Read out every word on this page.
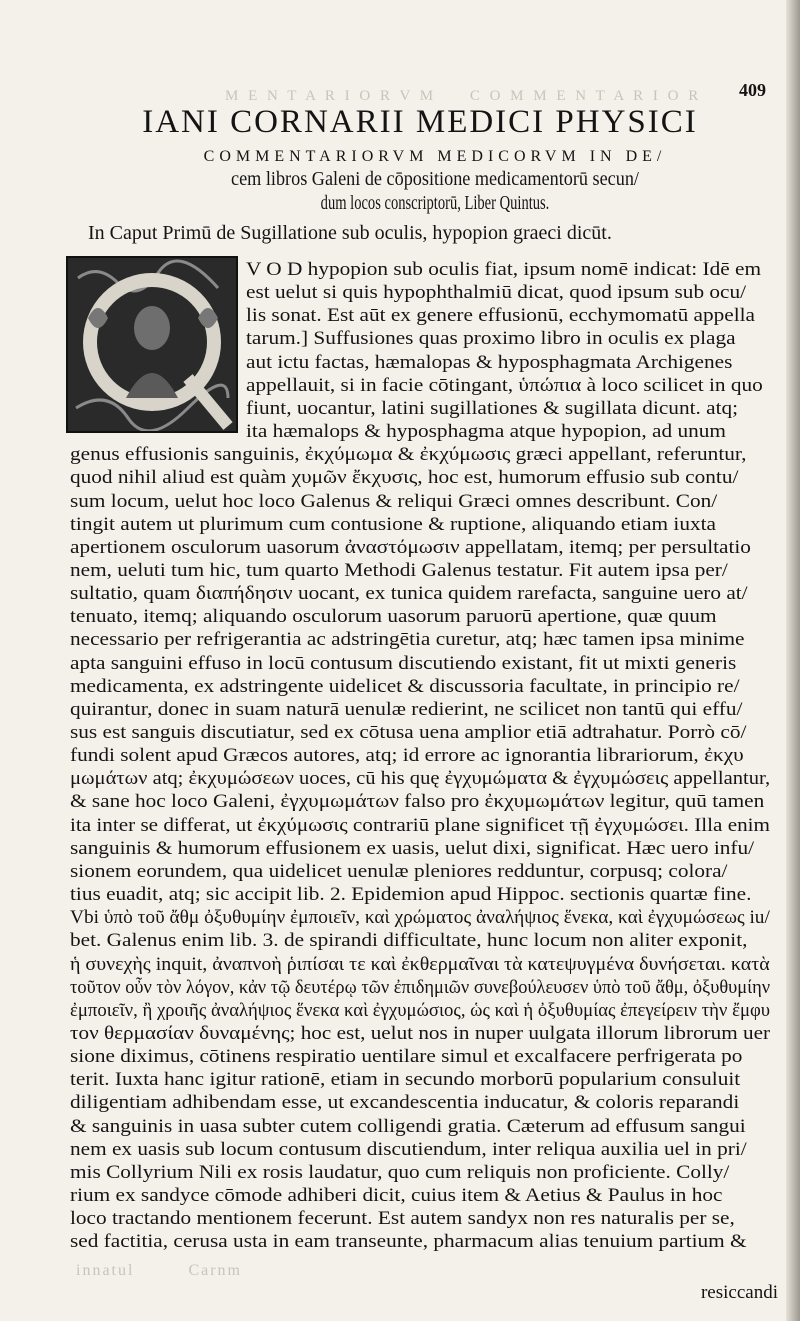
M E N T A R I O R V M     C O M M E N T A R I O R 409
IANI CORNARII MEDICI PHYSICI
COMMENTARIORVM MEDICORVM IN DE/
cem libros Galeni de cōpositione medicamentorū secun/
dum locos conscriptorū, Liber Quintus.
In Caput Primū de Sugillatione sub oculis, hypopion graeci dicūt.
V O D hypopion sub oculis fiat, ipsum nomē indicat: Idē em
est uelut si quis hypophthalmiū dicat, quod ipsum sub ocu/
lis sonat. Est aūt ex genere effusionū, ecchymomatū appella
tarum.] Suffusiones quas proximo libro in oculis ex plaga
aut ictu factas, hæmalopas & hyposphagmata Archigenes
appellauit, si in facie cōtingant, ὑπώπια à loco scilicet in quo
fiunt, uocantur, latini sugillationes & sugillata dicunt. atq;
ita hæmalops & hyposphagma atque hypopion, ad unum
genus effusionis sanguinis, ἐκχύμωμα & ἐκχύμωσις græci appellant, referuntur,
quod nihil aliud est quàm χυμῶν ἔκχυσις, hoc est, humorum effusio sub contu/
sum locum, uelut hoc loco Galenus & reliqui Græci omnes describunt. Con/
tingit autem ut plurimum cum contusione & ruptione, aliquando etiam iuxta
apertionem osculorum uasorum ἀναστόμωσιν appellatam, itemq; per persultatio
nem, ueluti tum hic, tum quarto Methodi Galenus testatur. Fit autem ipsa per/
sultatio, quam διαπήδησιν uocant, ex tunica quidem rarefacta, sanguine uero at/
tenuato, itemq; aliquando osculorum uasorum paruorū apertione, quæ quum
necessario per refrigerantia ac adstringētia curetur, atq; hæc tamen ipsa minime
apta sanguini effuso in locū contusum discutiendo existant, fit ut mixti generis
medicamenta, ex adstringente uidelicet & discussoria facultate, in principio re/
quirantur, donec in suam naturā uenulæ redierint, ne scilicet non tantū qui effu/
sus est sanguis discutiatur, sed ex cōtusa uena amplior etiā adtrahatur. Porrò cō/
fundi solent apud Græcos autores, atq; id errore ac ignorantia librariorum, ἐκχυ
μωμάτων atq; ἐκχυμώσεων uoces, cū his quę ἐγχυμώματα & ἐγχυμώσεις appellantur,
& sane hoc loco Galeni, ἐγχυμωμάτων falso pro ἐκχυμωμάτων legitur, quū tamen
ita inter se differat, ut ἐκχύμωσις contrariū plane significet τῇ ἐγχυμώσει. Illa enim
sanguinis & humorum effusionem ex uasis, uelut dixi, significat. Hæc uero infu/
sionem eorundem, qua uidelicet uenulæ pleniores redduntur, corpusq; colora/
tius euadit, atq; sic accipit lib. 2. Epidemion apud Hippoc. sectionis quartæ fine.
Vbi ὑπὸ τοῦ ἄθμ ὀξυθυμίην ἐμποιεῖν, καὶ χρώματος ἀναλήψιος ἕνεκα, καὶ ἐγχυμώσεως iu/
bet. Galenus enim lib. 3. de spirandi difficultate, hunc locum non aliter exponit,
ἡ συνεχὴς inquit, ἀναπνοὴ ῥιπίσαι τε καὶ ἐκθερμαῖναι τὰ κατεψυγμένα δυνήσεται. κατὰ
τοῦτον οὖν τὸν λόγον, κἀν τῷ δευτέρῳ τῶν ἐπιδημιῶν συνεβούλευσεν ὑπὸ τοῦ ἄθμ, ὀξυθυμίην
ἐμποιεῖν, ἢ χροιῆς ἀναλήψιος ἕνεκα καὶ ἐγχυμώσιος, ὡς καὶ ἡ ὀξυθυμίας ἐπεγείρειν τὴν ἔμφυ
τον θερμασίαν δυναμένης; hoc est, uelut nos in nuper uulgata illorum librorum uer
sione diximus, cōtinens respiratio uentilare simul et excalfacere perfrigerata po
terit. Iuxta hanc igitur rationē, etiam in secundo morborū popularium consuluit
diligentiam adhibendam esse, ut excandescentia inducatur, & coloris reparandi
& sanguinis in uasa subter cutem colligendi gratia. Cæterum ad effusum sangui
nem ex uasis sub locum contusum discutiendum, inter reliqua auxilia uel in pri/
mis Collyrium Nili ex rosis laudatur, quo cum reliquis non proficiente. Colly/
rium ex sandyce cōmode adhiberi dicit, cuius item & Aetius & Paulus in hoc
loco tractando mentionem fecerunt. Est autem sandyx non res naturalis per se,
sed factitia, cerusa usta in eam transeunte, pharmacum alias tenuium partium &
innatul         Carnm
resiccandi
